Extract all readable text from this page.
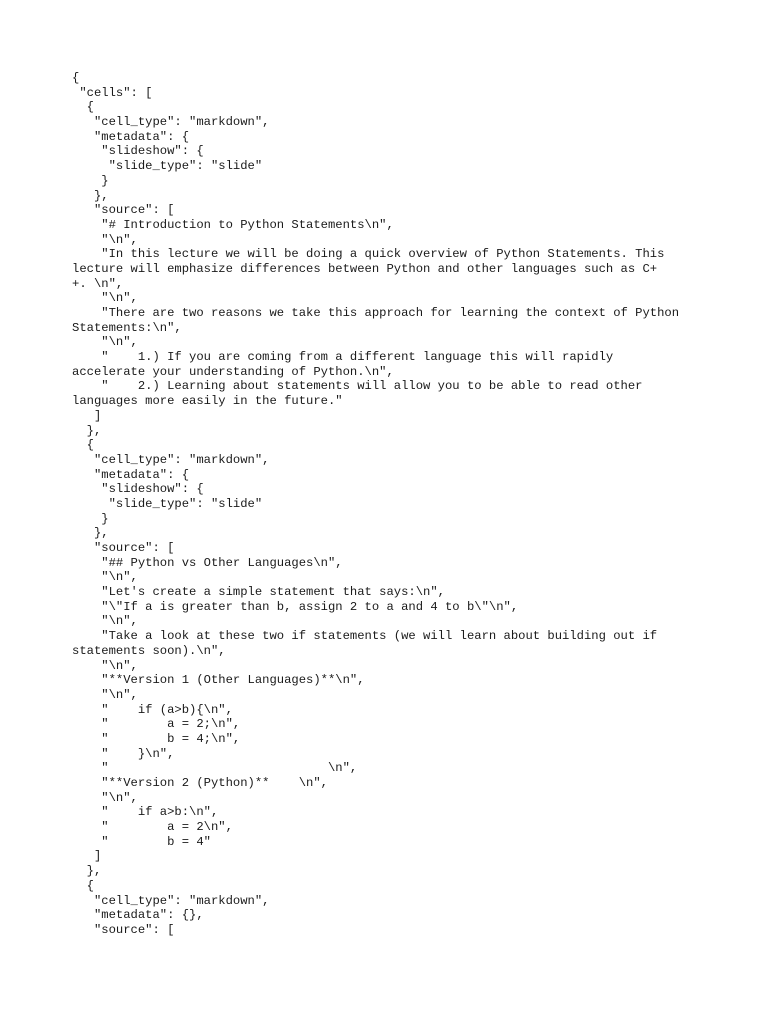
{
"cells": [
{
"cell_type": "markdown",
"metadata": {
"slideshow": {
"slide_type": "slide"
}
},
"source": [
"# Introduction to Python Statements\n",
"\n",
"In this lecture we will be doing a quick overview of Python Statements. This
lecture will emphasize differences between Python and other languages such as C+
+. \n",
"\n",
"There are two reasons we take this approach for learning the context of Python
Statements:\n",
"\n",
"    1.) If you are coming from a different language this will rapidly
accelerate your understanding of Python.\n",
"    2.) Learning about statements will allow you to be able to read other
languages more easily in the future."
]
},
{
"cell_type": "markdown",
"metadata": {
"slideshow": {
"slide_type": "slide"
}
},
"source": [
"## Python vs Other Languages\n",
"\n",
"Let's create a simple statement that says:\n",
"\"If a is greater than b, assign 2 to a and 4 to b\"\n",
"\n",
"Take a look at these two if statements (we will learn about building out if
statements soon).\n",
"\n",
"**Version 1 (Other Languages)**\n",
"\n",
"    if (a>b){\n",
"        a = 2;\n",
"        b = 4;\n",
"    }\n",
"                              \n",
"**Version 2 (Python)**    \n",
"\n",
"    if a>b:\n",
"        a = 2\n",
"        b = 4"
]
},
{
"cell_type": "markdown",
"metadata": {},
"source": [
